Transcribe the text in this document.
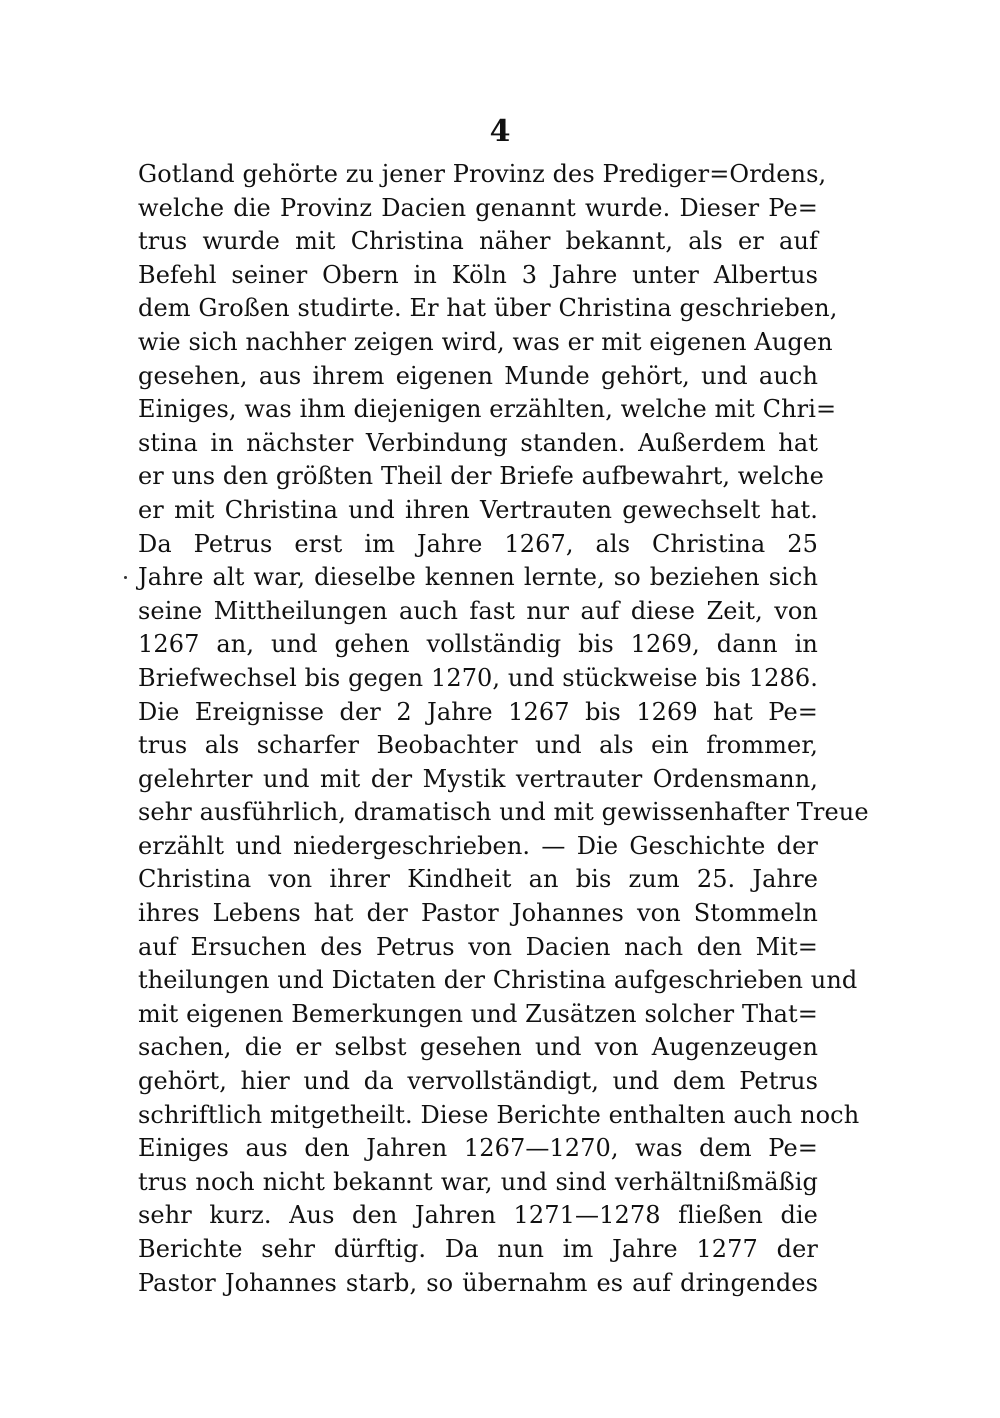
4
Gotland gehörte zu jener Provinz des Prediger=Ordens,
welche die Provinz Dacien genannt wurde. Dieser Pe=
trus wurde mit Christina näher bekannt, als er auf
Befehl seiner Obern in Köln 3 Jahre unter Albertus
dem Großen studirte. Er hat über Christina geschrieben,
wie sich nachher zeigen wird, was er mit eigenen Augen
gesehen, aus ihrem eigenen Munde gehört, und auch
Einiges, was ihm diejenigen erzählten, welche mit Chri=
stina in nächster Verbindung standen. Außerdem hat
er uns den größten Theil der Briefe aufbewahrt, welche
er mit Christina und ihren Vertrauten gewechselt hat.
Da Petrus erst im Jahre 1267, als Christina 25
Jahre alt war, dieselbe kennen lernte, so beziehen sich
seine Mittheilungen auch fast nur auf diese Zeit, von
1267 an, und gehen vollständig bis 1269, dann in
Briefwechsel bis gegen 1270, und stückweise bis 1286.
Die Ereignisse der 2 Jahre 1267 bis 1269 hat Pe=
trus als scharfer Beobachter und als ein frommer,
gelehrter und mit der Mystik vertrauter Ordensmann,
sehr ausführlich, dramatisch und mit gewissenhafter Treue
erzählt und niedergeschrieben. — Die Geschichte der
Christina von ihrer Kindheit an bis zum 25. Jahre
ihres Lebens hat der Pastor Johannes von Stommeln
auf Ersuchen des Petrus von Dacien nach den Mit=
theilungen und Dictaten der Christina aufgeschrieben und
mit eigenen Bemerkungen und Zusätzen solcher That=
sachen, die er selbst gesehen und von Augenzeugen
gehört, hier und da vervollständigt, und dem Petrus
schriftlich mitgetheilt. Diese Berichte enthalten auch noch
Einiges aus den Jahren 1267—1270, was dem Pe=
trus noch nicht bekannt war, und sind verhältnißmäßig
sehr kurz. Aus den Jahren 1271—1278 fließen die
Berichte sehr dürftig. Da nun im Jahre 1277 der
Pastor Johannes starb, so übernahm es auf dringendes
